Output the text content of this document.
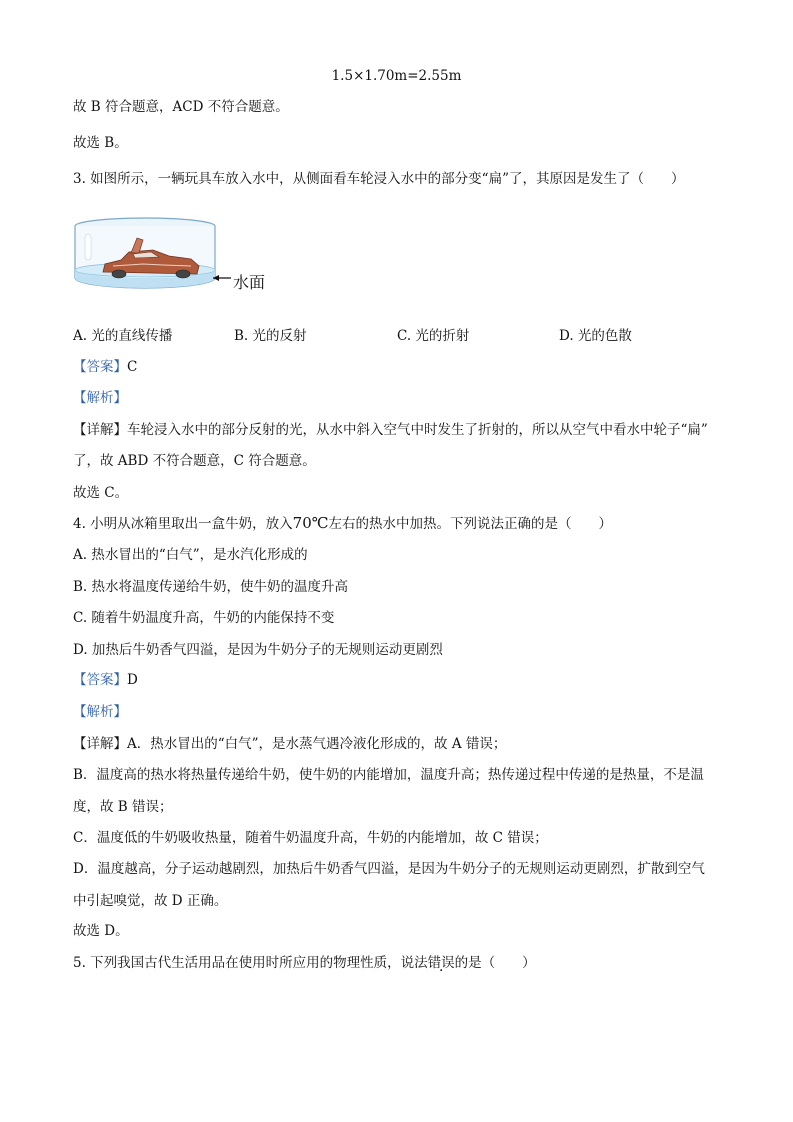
1.5×1.70m=2.55m
故 B 符合题意，ACD 不符合题意。
故选 B。
3. 如图所示，一辆玩具车放入水中，从侧面看车轮浸入水中的部分变“扁”了，其原因是发生了（　　）
水面
A. 光的直线传播	B. 光的反射	C. 光的折射	D. 光的色散
【答案】C
【解析】
【详解】车轮浸入水中的部分反射的光，从水中斜入空气中时发生了折射的，所以从空气中看水中轮子“扁”
了，故 ABD 不符合题意，C 符合题意。
故选 C。
4. 小明从冰箱里取出一盒牛奶，放入70℃左右的热水中加热。下列说法正确的是（　　）
A. 热水冒出的“白气”，是水汽化形成的
B. 热水将温度传递给牛奶，使牛奶的温度升高
C. 随着牛奶温度升高，牛奶的内能保持不变
D. 加热后牛奶香气四溢，是因为牛奶分子的无规则运动更剧烈
【答案】D
【解析】
【详解】A．热水冒出的“白气”，是水蒸气遇冷液化形成的，故 A 错误；
B．温度高的热水将热量传递给牛奶，使牛奶的内能增加，温度升高；热传递过程中传递的是热量，不是温
度，故 B 错误；
C．温度低的牛奶吸收热量，随着牛奶温度升高，牛奶的内能增加，故 C 错误；
D．温度越高，分子运动越剧烈，加热后牛奶香气四溢，是因为牛奶分子的无规则运动更剧烈，扩散到空气
中引起嗅觉，故 D 正确。
故选 D。
5. 下列我国古代生活用品在使用时所应用的物理性质，说法错误的是（　　）
